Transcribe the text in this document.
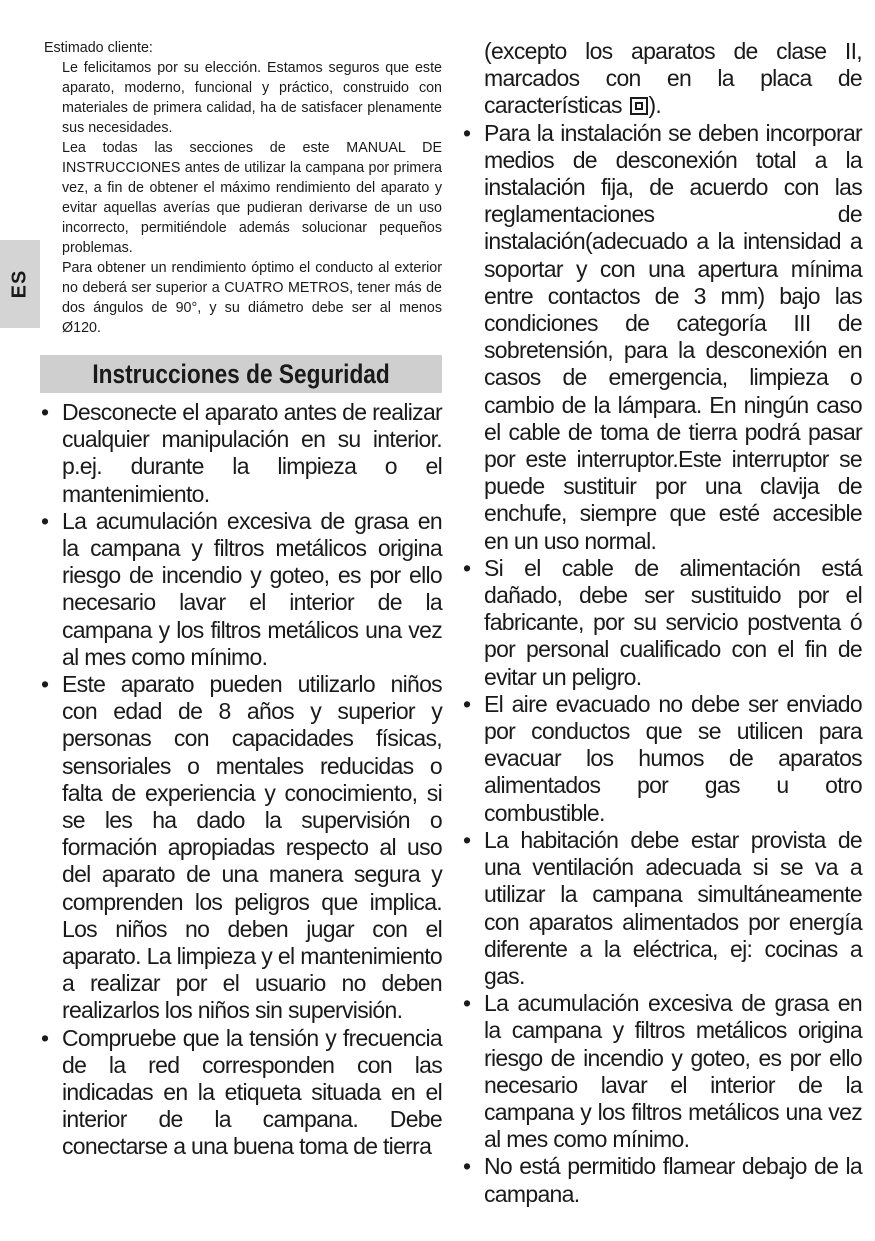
ES
Estimado cliente:

Le felicitamos por su elección. Estamos seguros que este aparato, moderno, funcional y práctico, construido con materiales de primera calidad, ha de satisfacer plenamente sus necesidades.

Lea todas las secciones de este MANUAL DE INSTRUCCIONES antes de utilizar la campana por primera vez, a fin de obtener el máximo rendimiento del aparato y evitar aquellas averías que pudieran derivarse de un uso incorrecto, permitiéndole además solucionar pequeños problemas.

Para obtener un rendimiento óptimo el conducto al exterior no deberá ser superior a CUATRO METROS, tener más de dos ángulos de 90°, y su diámetro debe ser al menos Ø120.

Instrucciones de Seguridad
• Desconecte el aparato antes de realizar cualquier manipulación en su interior. p.ej. durante la limpieza o el mantenimiento.
• La acumulación excesiva de grasa en la campana y filtros metálicos origina riesgo de incendio y goteo, es por ello necesario lavar el interior de la campana y los filtros metálicos una vez al mes como mínimo.
• Este aparato pueden utilizarlo niños con edad de 8 años y superior y personas con capacidades físicas, sensoriales o mentales reducidas o falta de experiencia y conocimiento, si se les ha dado la supervisión o formación apropiadas respecto al uso del aparato de una manera segura y comprenden los peligros que implica. Los niños no deben jugar con el aparato. La limpieza y el mantenimiento a realizar por el usuario no deben realizarlos los niños sin supervisión.
• Compruebe que la tensión y frecuencia de la red corresponden con las indicadas en la etiqueta situada en el interior de la campana. Debe conectarse a una buena toma de tierra
(excepto los aparatos de clase II, marcados con en la placa de características ).
• Para la instalación se deben incorporar medios de desconexión total a la instalación fija, de acuerdo con las reglamentaciones de instalación(adecuado a la intensidad a soportar y con una apertura mínima entre contactos de 3 mm) bajo las condiciones de categoría III de sobretensión, para la desconexión en casos de emergencia, limpieza o cambio de la lámpara. En ningún caso el cable de toma de tierra podrá pasar por este interruptor.Este interruptor se puede sustituir por una clavija de enchufe, siempre que esté accesible en un uso normal.
• Si el cable de alimentación está dañado, debe ser sustituido por el fabricante, por su servicio postventa ó por personal cualificado con el fin de evitar un peligro.
• El aire evacuado no debe ser enviado por conductos que se utilicen para evacuar los humos de aparatos alimentados por gas u otro combustible.
• La habitación debe estar provista de una ventilación adecuada si se va a utilizar la campana simultáneamente con aparatos alimentados por energía diferente a la eléctrica, ej: cocinas a gas.
• La acumulación excesiva de grasa en la campana y filtros metálicos origina riesgo de incendio y goteo, es por ello necesario lavar el interior de la campana y los filtros metálicos una vez al mes como mínimo.
• No está permitido flamear debajo de la campana.
